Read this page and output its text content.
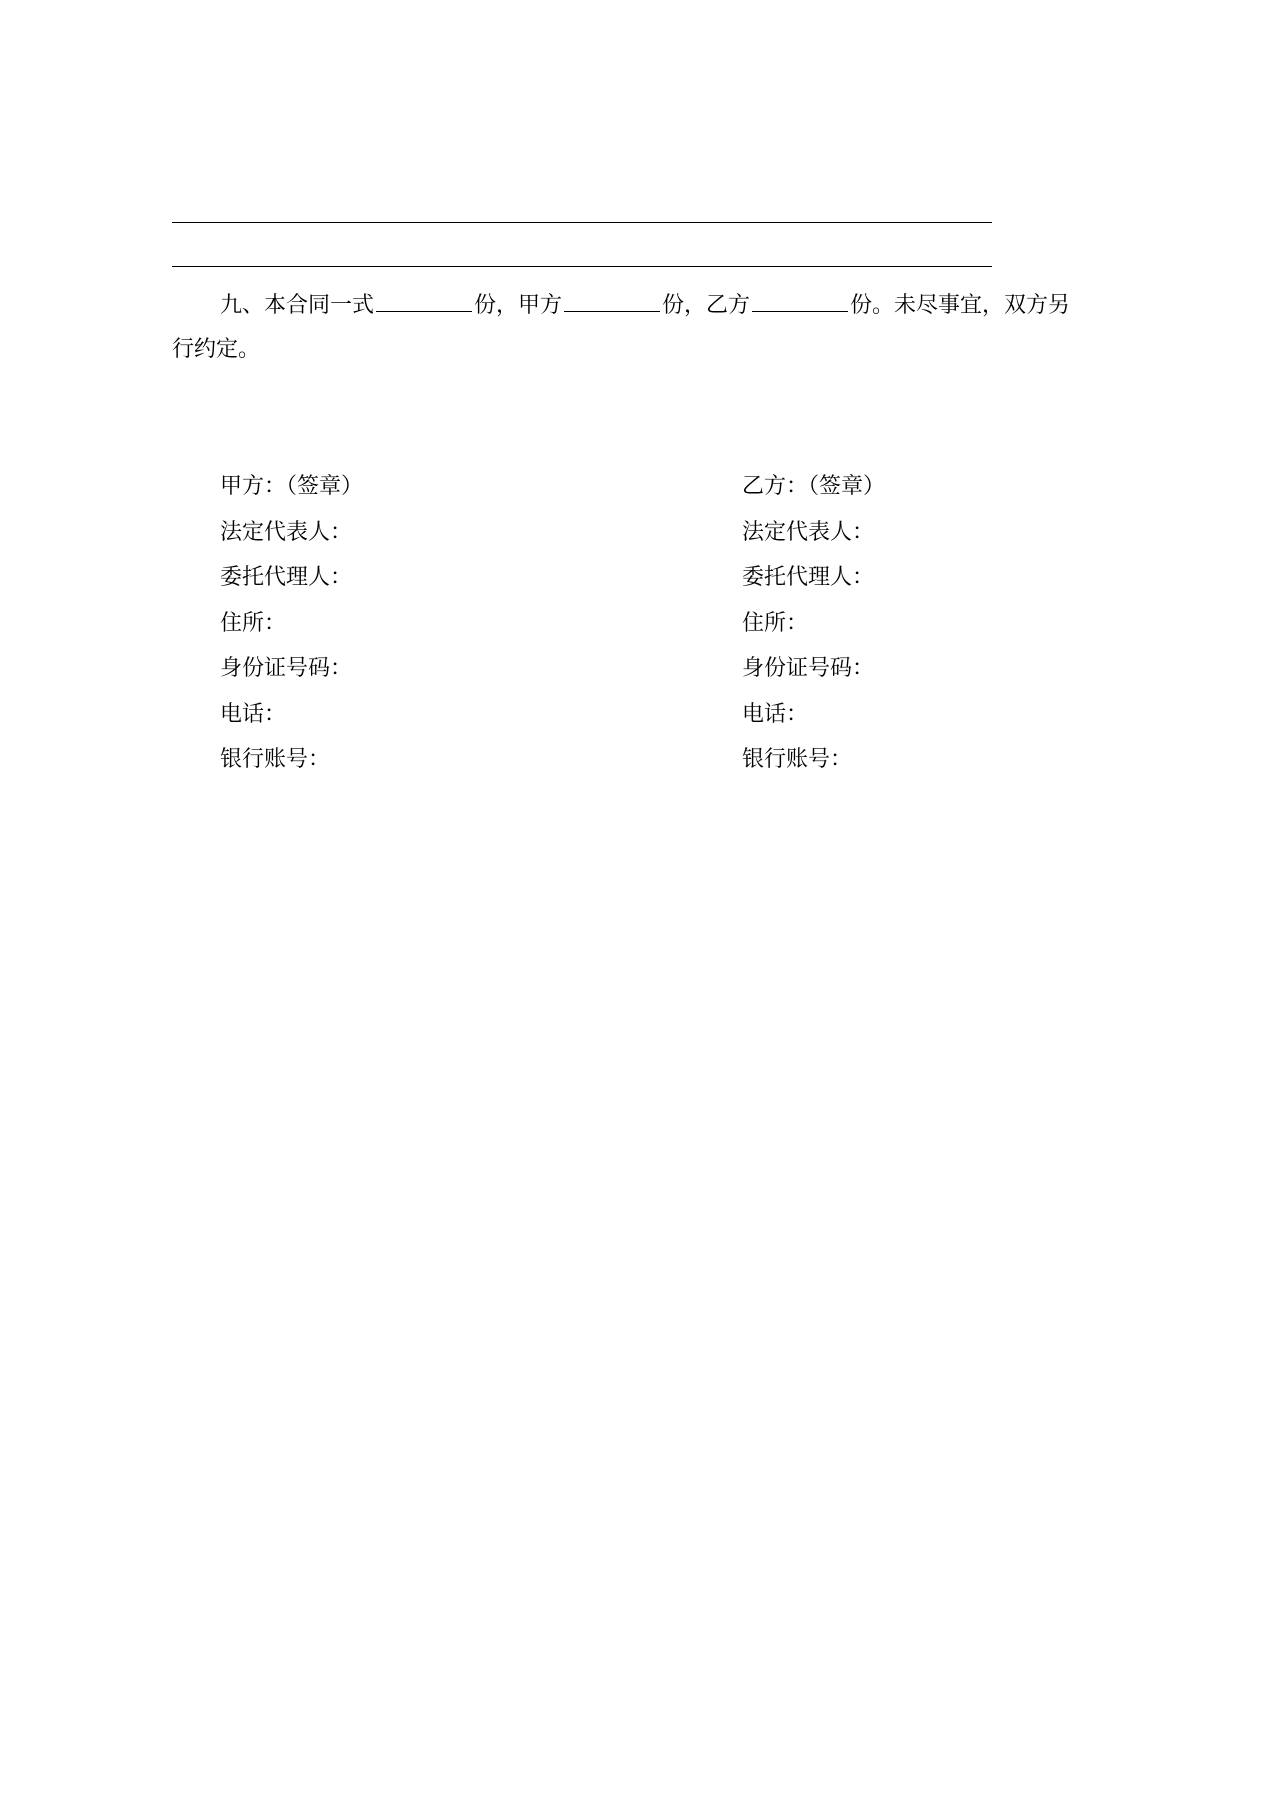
九、本合同一式	份，甲方	份，乙方	份。未尽事宜，双方另
行约定。
甲方：（签章）
法定代表人：
委托代理人：
住所：
身份证号码：
电话：
银行账号：
乙方：（签章）
法定代表人：
委托代理人：
住所：
身份证号码：
电话：
银行账号：
